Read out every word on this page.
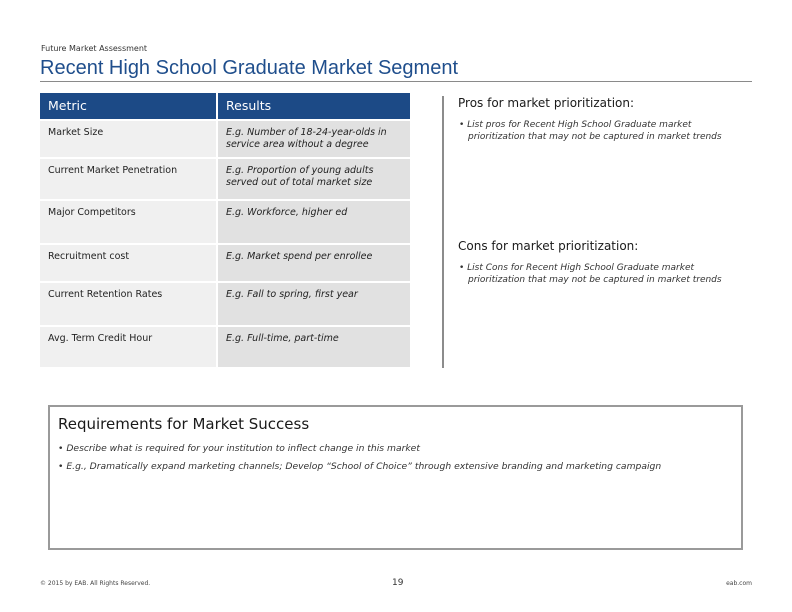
Future Market Assessment
Recent High School Graduate Market Segment
Metric	Results
Market Size	E.g. Number of 18-24-year-olds in service area without a degree
Current Market Penetration	E.g. Proportion of young adults served out of total market size
Major Competitors	E.g. Workforce, higher ed
Recruitment cost	E.g. Market spend per enrollee
Current Retention Rates	E.g. Fall to spring, first year
Avg. Term Credit Hour	E.g. Full-time, part-time
Pros for market prioritization:
• List pros for Recent High School Graduate market prioritization that may not be captured in market trends
Cons for market prioritization:
• List Cons for Recent High School Graduate market prioritization that may not be captured in market trends
Requirements for Market Success
• Describe what is required for your institution to inflect change in this market
• E.g., Dramatically expand marketing channels; Develop “School of Choice” through extensive branding and marketing campaign
© 2015 by EAB. All Rights Reserved.	19	eab.com
